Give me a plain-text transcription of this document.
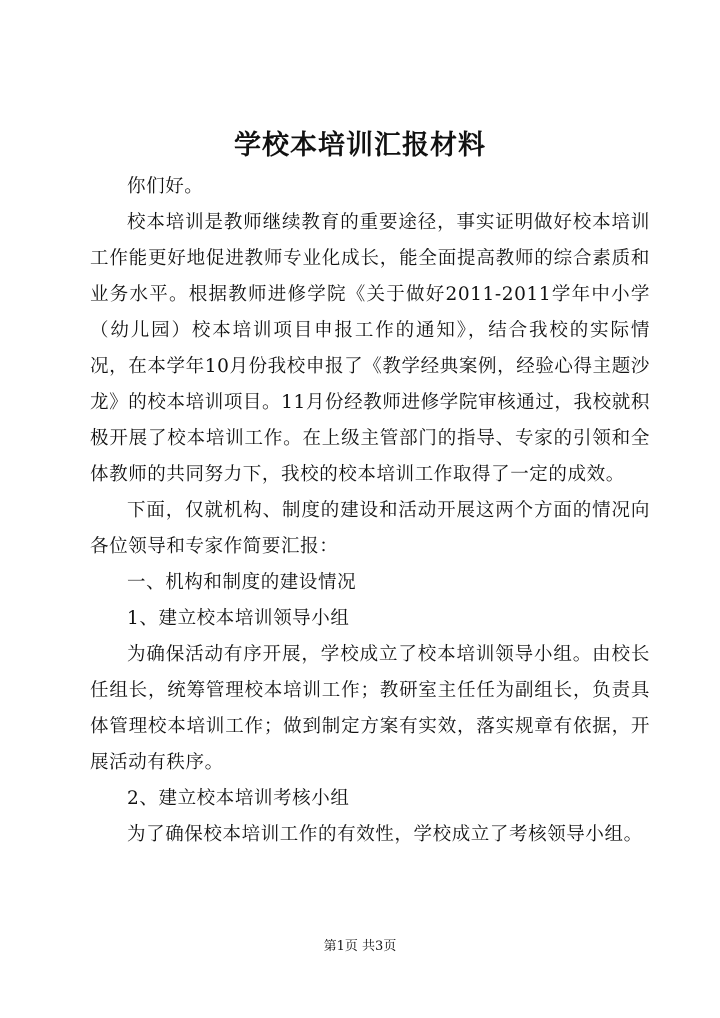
学校本培训汇报材料

你们好。

校本培训是教师继续教育的重要途径，事实证明做好校本培训工作能更好地促进教师专业化成长，能全面提高教师的综合素质和业务水平。根据教师进修学院《关于做好2011-2011学年中小学（幼儿园）校本培训项目申报工作的通知》，结合我校的实际情况，在本学年10月份我校申报了《教学经典案例，经验心得主题沙龙》的校本培训项目。11月份经教师进修学院审核通过，我校就积极开展了校本培训工作。在上级主管部门的指导、专家的引领和全体教师的共同努力下，我校的校本培训工作取得了一定的成效。

下面，仅就机构、制度的建设和活动开展这两个方面的情况向各位领导和专家作简要汇报：

一、机构和制度的建设情况

1、建立校本培训领导小组

为确保活动有序开展，学校成立了校本培训领导小组。由校长任组长，统筹管理校本培训工作；教研室主任任为副组长，负责具体管理校本培训工作；做到制定方案有实效，落实规章有依据，开展活动有秩序。

2、建立校本培训考核小组

为了确保校本培训工作的有效性，学校成立了考核领导小组。

第1页 共3页
